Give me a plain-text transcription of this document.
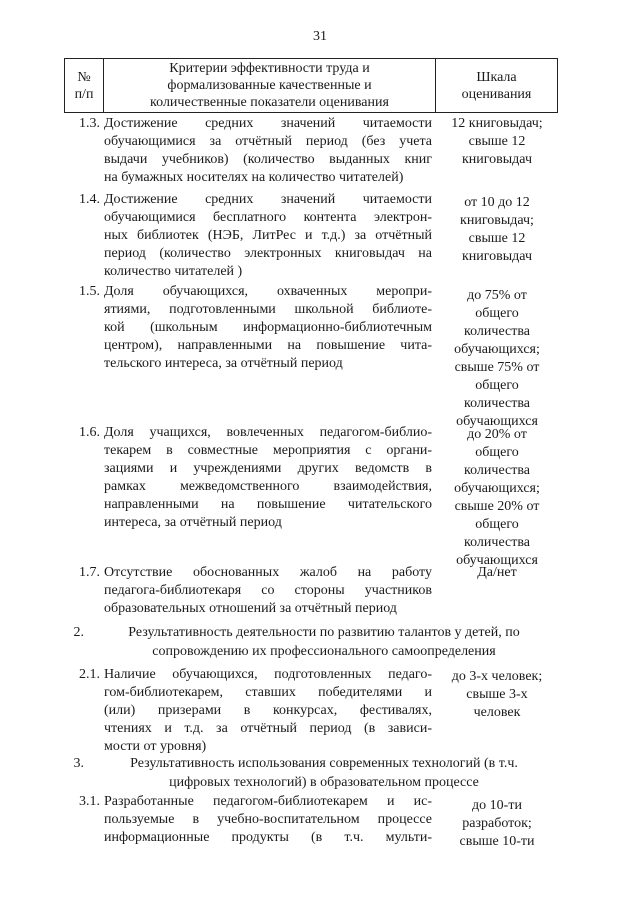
31
№
п/п
Критерии эффективности труда и
формализованные качественные и
количественные показатели оценивания
Шкала
оценивания
1.3. Достижение средних значений читаемости
обучающимися за отчётный период (без учета
выдачи учебников) (количество выданных книг
на бумажных носителях на количество читателей)
12 книговыдач;
свыше 12
книговыдач
1.4. Достижение средних значений читаемости
обучающимися бесплатного контента электрон-
ных библиотек (НЭБ, ЛитРес и т.д.) за отчётный
период (количество электронных книговыдач на
количество читателей )
от 10 до 12
книговыдач;
свыше 12
книговыдач
1.5. Доля обучающихся, охваченных меропри-
ятиями, подготовленными школьной библиоте-
кой (школьным информационно-библиотечным
центром), направленными на повышение чита-
тельского интереса, за отчётный период
до 75% от
общего
количества
обучающихся;
свыше 75% от
общего
количества
обучающихся
1.6. Доля учащихся, вовлеченных педагогом-библио-
текарем в совместные мероприятия с органи-
зациями и учреждениями других ведомств в
рамках межведомственного взаимодействия,
направленными на повышение читательского
интереса, за отчётный период
до 20% от
общего
количества
обучающихся;
свыше 20% от
общего
количества
обучающихся
1.7. Отсутствие обоснованных жалоб на работу
педагога-библиотекаря со стороны участников
образовательных отношений за отчётный период
Да/нет
2.	Результативность деятельности по развитию талантов у детей, по
сопровождению их профессионального самоопределения
2.1. Наличие обучающихся, подготовленных педаго-
гом-библиотекарем, ставших победителями и
(или) призерами в конкурсах, фестивалях,
чтениях и т.д. за отчётный период (в зависи-
мости от уровня)
до 3-х человек;
свыше 3-х
человек
3.	Результативность использования современных технологий (в т.ч.
цифровых технологий) в образовательном процессе
3.1. Разработанные педагогом-библиотекарем и ис-
пользуемые в учебно-воспитательном процессе
информационные продукты (в т.ч. мульти-
до 10-ти
разработок;
свыше 10-ти
